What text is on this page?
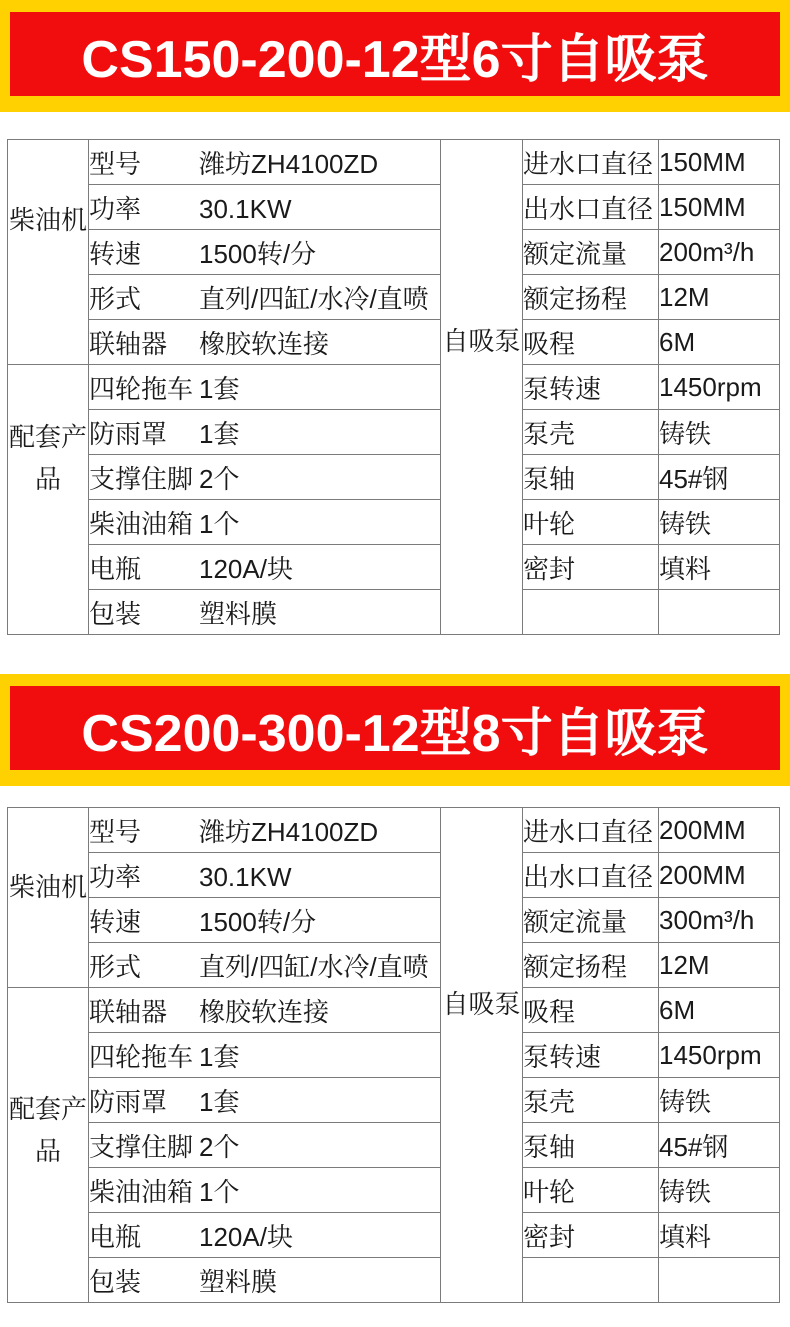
CS150-200-12型6寸自吸泵
柴油机	型号 潍坊ZH4100ZD	自吸泵	进水口直径	150MM
	功率 30.1KW		出水口直径	150MM
	转速 1500转/分		额定流量	200m³/h
	形式 直列/四缸/水冷/直喷		额定扬程	12M
	联轴器 橡胶软连接		吸程	6M
配套产品	四轮拖车 1套		泵转速	1450rpm
	防雨罩 1套		泵壳	铸铁
	支撑住脚 2个		泵轴	45#钢
	柴油油箱 1个		叶轮	铸铁
	电瓶 120A/块		密封	填料
	包装 塑料膜			
CS200-300-12型8寸自吸泵
柴油机	型号 潍坊ZH4100ZD	自吸泵	进水口直径	200MM
	功率 30.1KW		出水口直径	200MM
	转速 1500转/分		额定流量	300m³/h
	形式 直列/四缸/水冷/直喷		额定扬程	12M
配套产品	联轴器 橡胶软连接		吸程	6M
	四轮拖车 1套		泵转速	1450rpm
	防雨罩 1套		泵壳	铸铁
	支撑住脚 2个		泵轴	45#钢
	柴油油箱 1个		叶轮	铸铁
	电瓶 120A/块		密封	填料
	包装 塑料膜			
